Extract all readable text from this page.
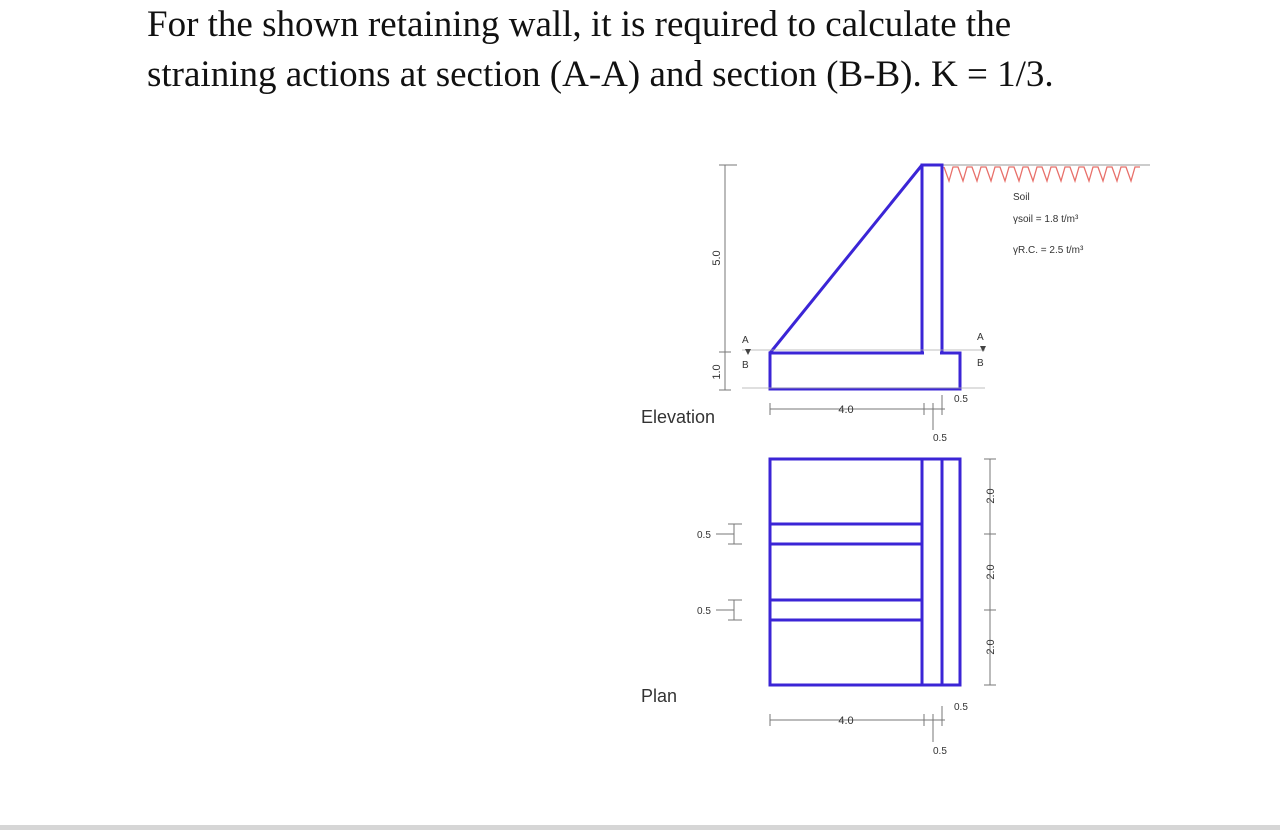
For the shown retaining wall, it is required to calculate the
straining actions at section (A-A) and section (B-B). K = 1/3.
A
B
A
B
5.0
1.0
4.0
0.5
0.5
Soil
γsoil = 1.8 t/m³
γR.C. = 2.5 t/m³
Elevation
0.5
0.5
2.0
2.0
2.0
4.0
0.5
0.5
Plan
